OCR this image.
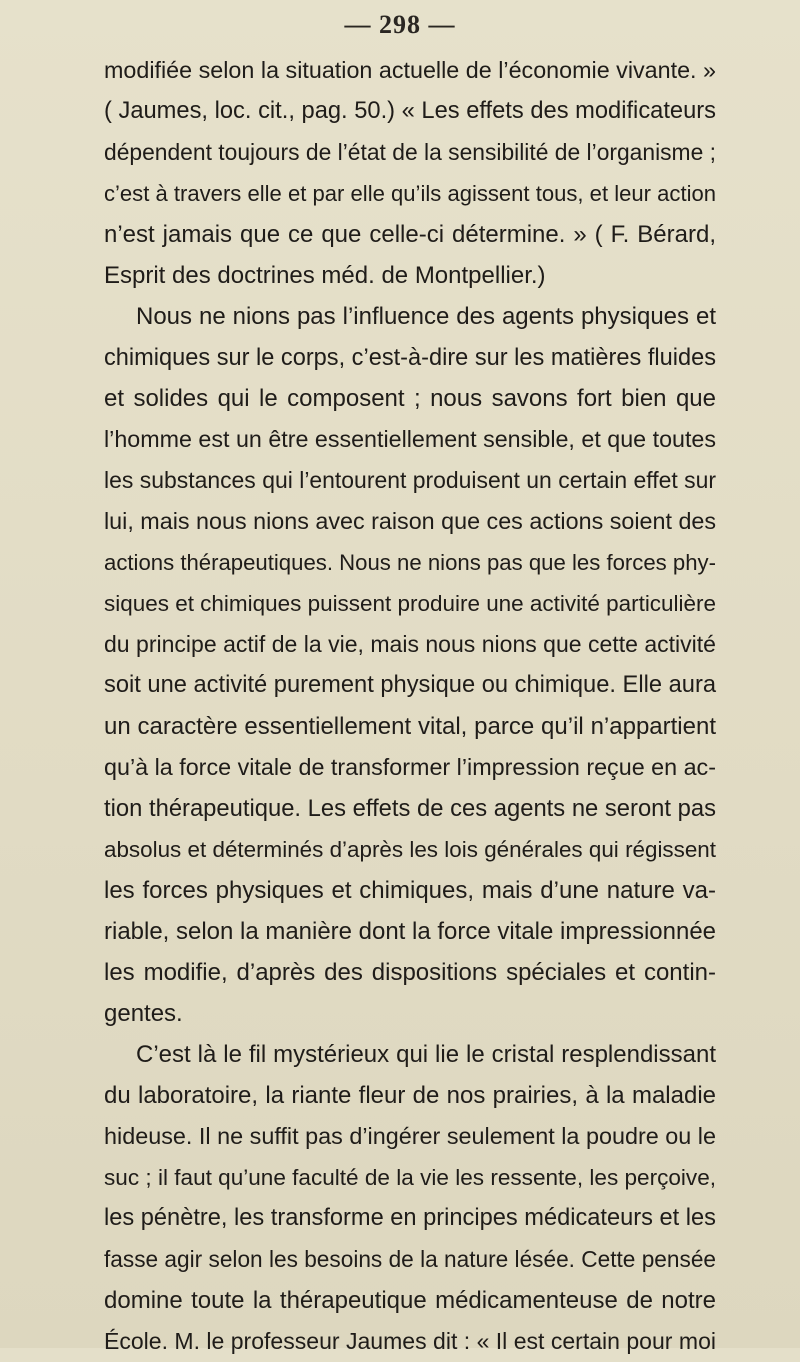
— 298 —
modifiée selon la situation actuelle de l’économie vivante. »
( Jaumes, loc. cit., pag. 50.) « Les effets des modificateurs
dépendent toujours de l’état de la sensibilité de l’organisme ;
c’est à travers elle et par elle qu’ils agissent tous, et leur action
n’est jamais que ce que celle-ci détermine. » ( F. Bérard,
Esprit des doctrines méd. de Montpellier.)
Nous ne nions pas l’influence des agents physiques et
chimiques sur le corps, c’est-à-dire sur les matières fluides
et solides qui le composent ; nous savons fort bien que
l’homme est un être essentiellement sensible, et que toutes
les substances qui l’entourent produisent un certain effet sur
lui, mais nous nions avec raison que ces actions soient des
actions thérapeutiques. Nous ne nions pas que les forces phy-
siques et chimiques puissent produire une activité particulière
du principe actif de la vie, mais nous nions que cette activité
soit une activité purement physique ou chimique. Elle aura
un caractère essentiellement vital, parce qu’il n’appartient
qu’à la force vitale de transformer l’impression reçue en ac-
tion thérapeutique. Les effets de ces agents ne seront pas
absolus et déterminés d’après les lois générales qui régissent
les forces physiques et chimiques, mais d’une nature va-
riable, selon la manière dont la force vitale impressionnée
les modifie, d’après des dispositions spéciales et contin-
gentes.
C’est là le fil mystérieux qui lie le cristal resplendissant
du laboratoire, la riante fleur de nos prairies, à la maladie
hideuse. Il ne suffit pas d’ingérer seulement la poudre ou le
suc ; il faut qu’une faculté de la vie les ressente, les perçoive,
les pénètre, les transforme en principes médicateurs et les
fasse agir selon les besoins de la nature lésée. Cette pensée
domine toute la thérapeutique médicamenteuse de notre
École. M. le professeur Jaumes dit : « Il est certain pour moi
